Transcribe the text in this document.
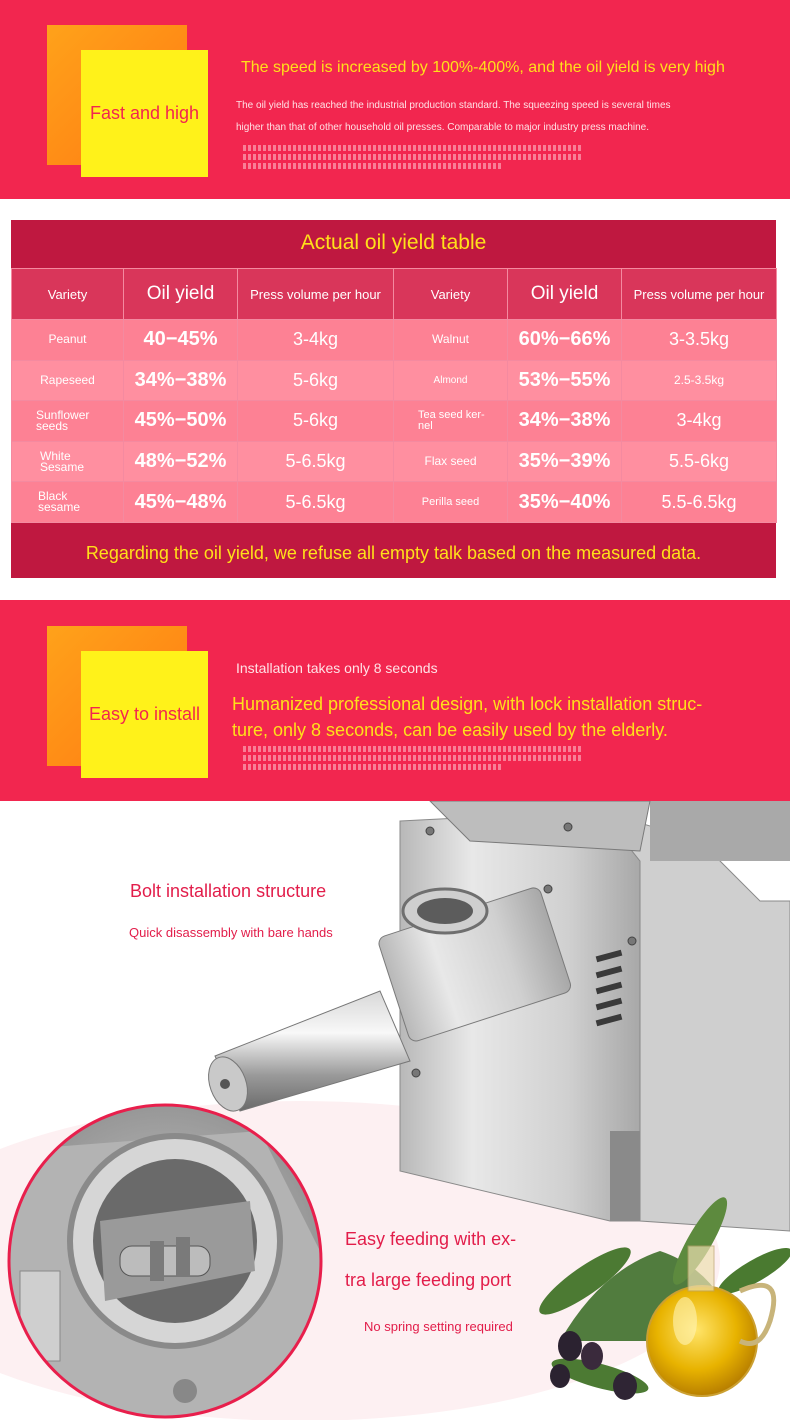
Fast and high
The speed is increased by 100%-400%, and the oil yield is very high
The oil yield has reached the industrial production standard. The squeezing speed is several times
higher than that of other household oil presses. Comparable to major industry press machine.
Actual oil yield table
Variety	Oil yield	Press volume per hour	Variety	Oil yield	Press volume per hour
Peanut	40−45%	3-4kg	Walnut	60%−66%	3-3.5kg
Rapeseed	34%−38%	5-6kg	Almond	53%−55%	2.5-3.5kg
Sunflower seeds	45%−50%	5-6kg	Tea seed ker-nel	34%−38%	3-4kg
White Sesame	48%−52%	5-6.5kg	Flax seed	35%−39%	5.5-6kg
Black sesame	45%−48%	5-6.5kg	Perilla seed	35%−40%	5.5-6.5kg
Regarding the oil yield, we refuse all empty talk based on the measured data.
Easy to install
Installation takes only 8 seconds
Humanized professional design, with lock installation struc-
ture, only 8 seconds, can be easily used by the elderly.
Bolt installation structure
Quick disassembly with bare hands
Easy feeding with ex-
tra large feeding port
No spring setting required
